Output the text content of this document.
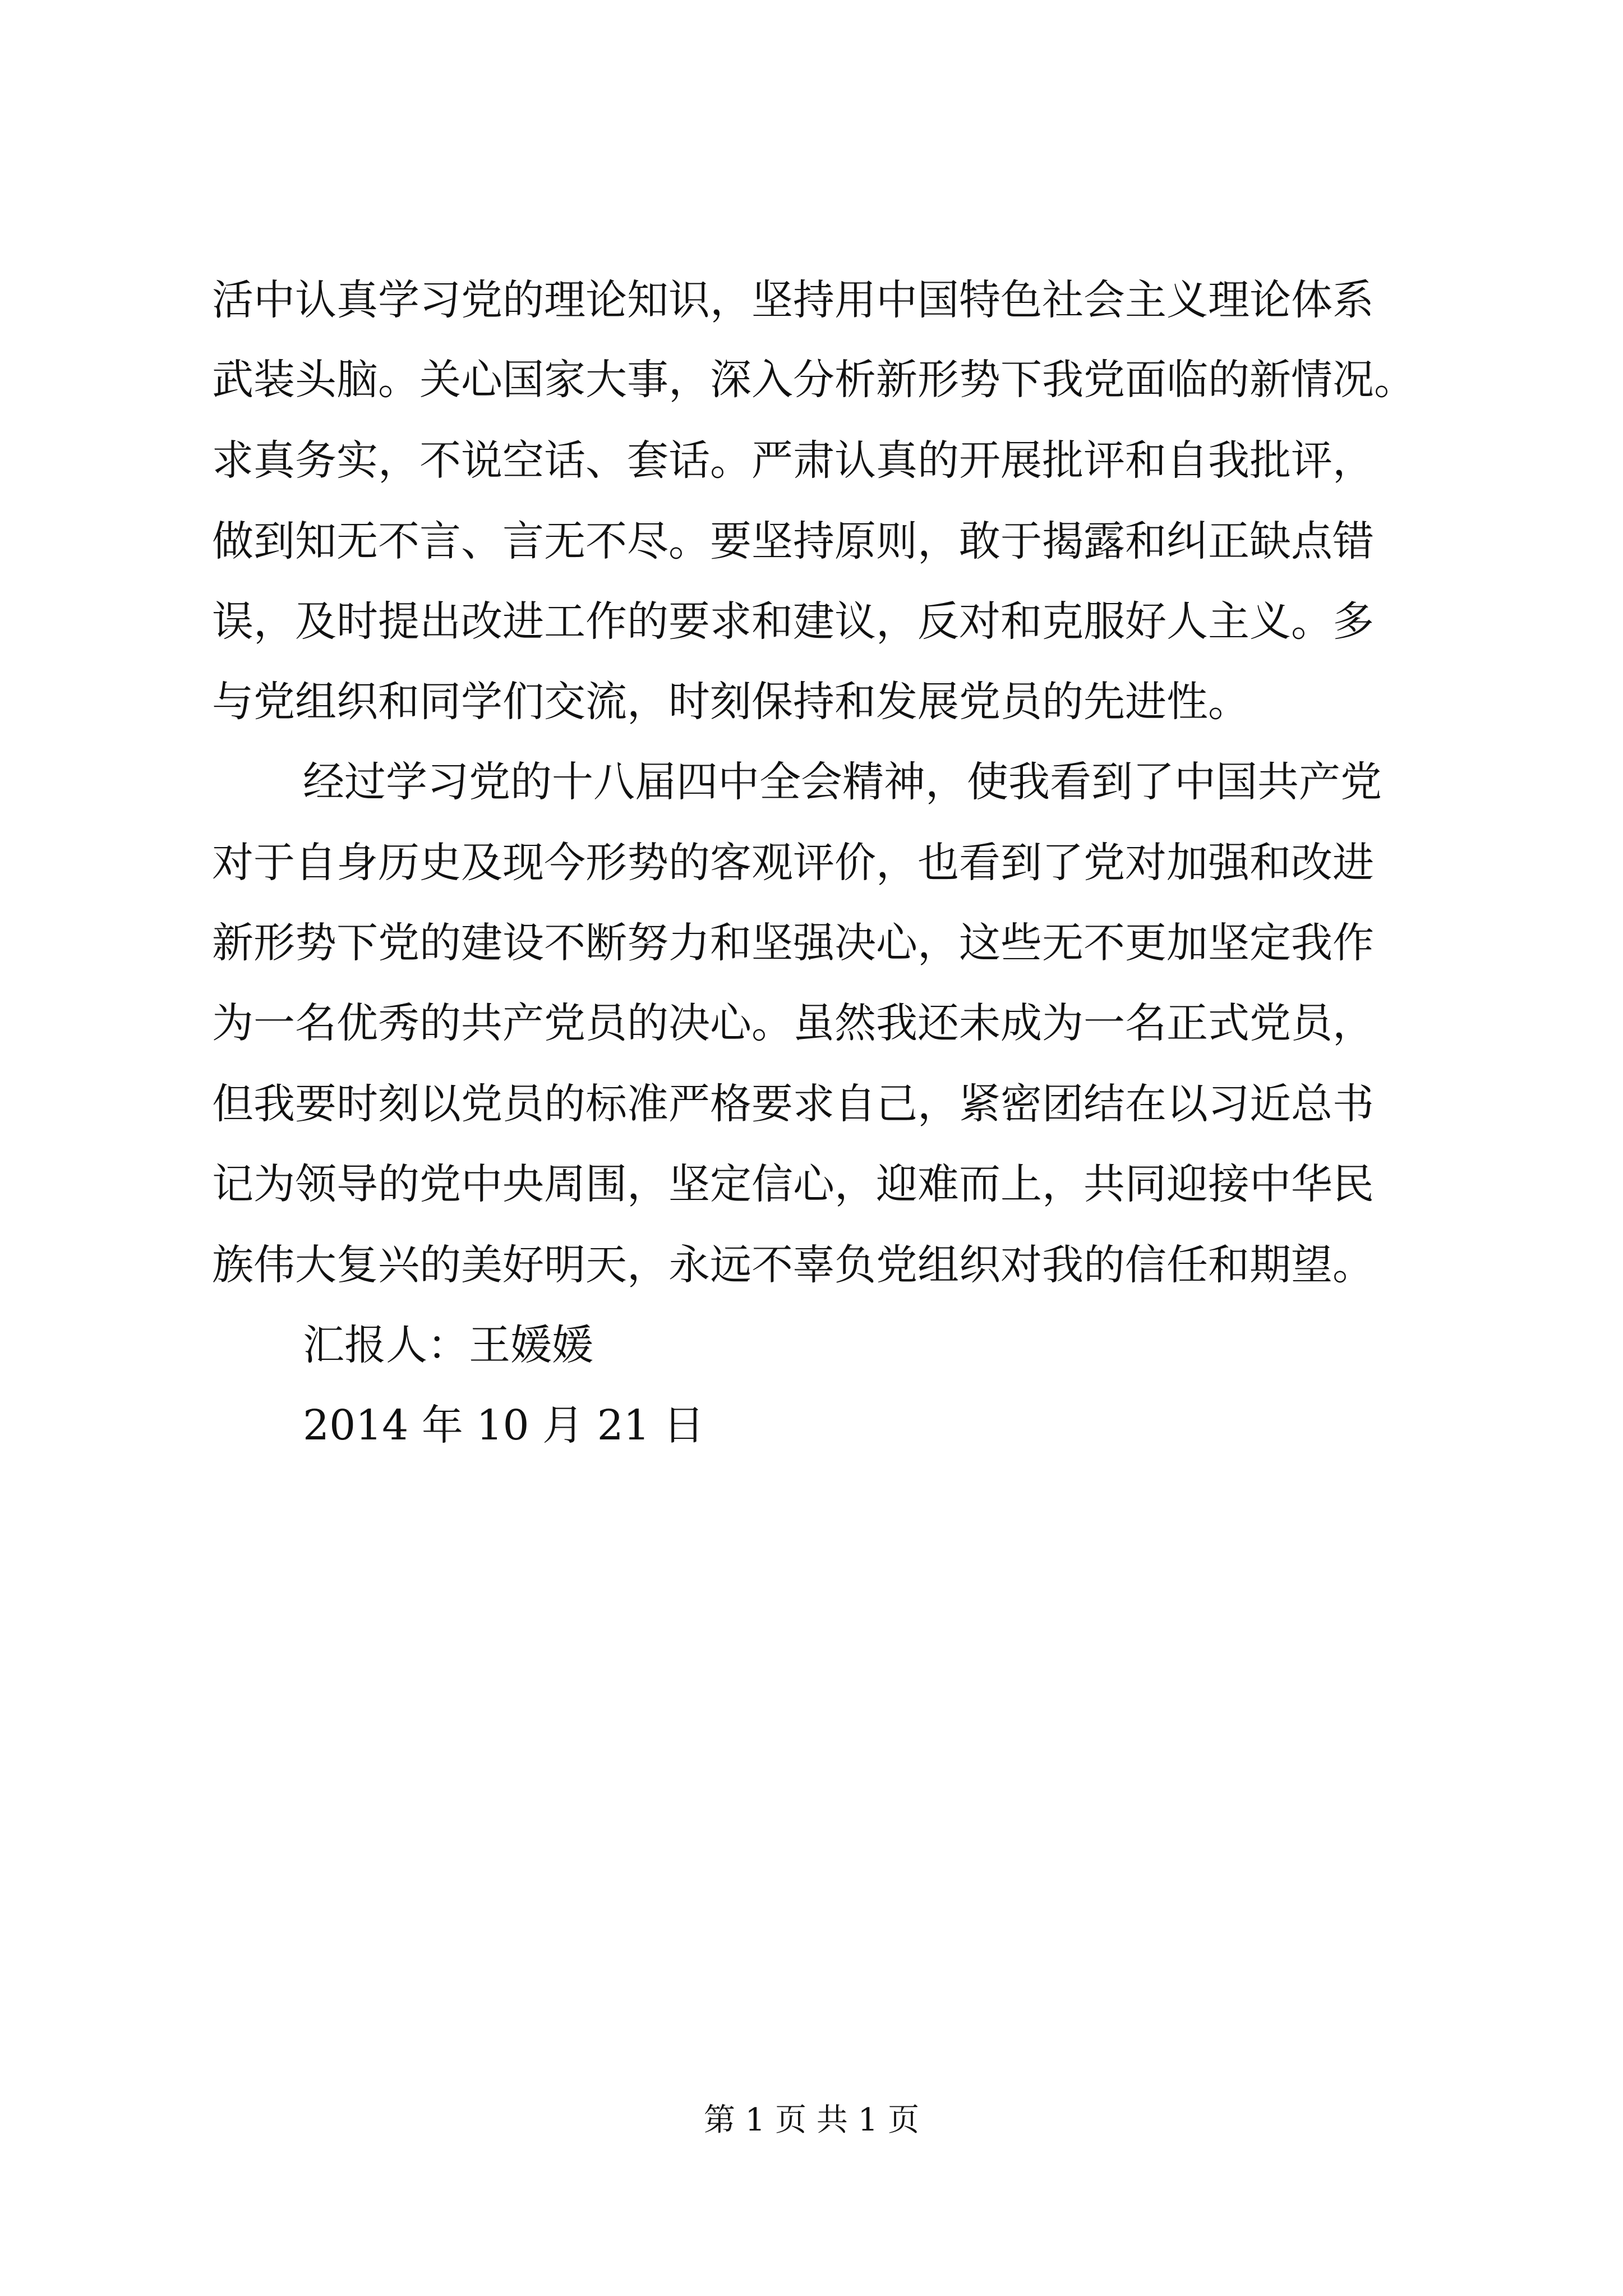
活中认真学习党的理论知识，坚持用中国特色社会主义理论体系
武装头脑。关心国家大事，深入分析新形势下我党面临的新情况。
求真务实，不说空话、套话。严肃认真的开展批评和自我批评，
做到知无不言、言无不尽。要坚持原则，敢于揭露和纠正缺点错
误，及时提出改进工作的要求和建议，反对和克服好人主义。多
与党组织和同学们交流，时刻保持和发展党员的先进性。
经过学习党的十八届四中全会精神，使我看到了中国共产党
对于自身历史及现今形势的客观评价，也看到了党对加强和改进
新形势下党的建设不断努力和坚强决心，这些无不更加坚定我作
为一名优秀的共产党员的决心。虽然我还未成为一名正式党员，
但我要时刻以党员的标准严格要求自己，紧密团结在以习近总书
记为领导的党中央周围，坚定信心，迎难而上，共同迎接中华民
族伟大复兴的美好明天，永远不辜负党组织对我的信任和期望。
汇报人：王媛媛
2014 年 10 月 21 日
第 1 页 共 1 页
